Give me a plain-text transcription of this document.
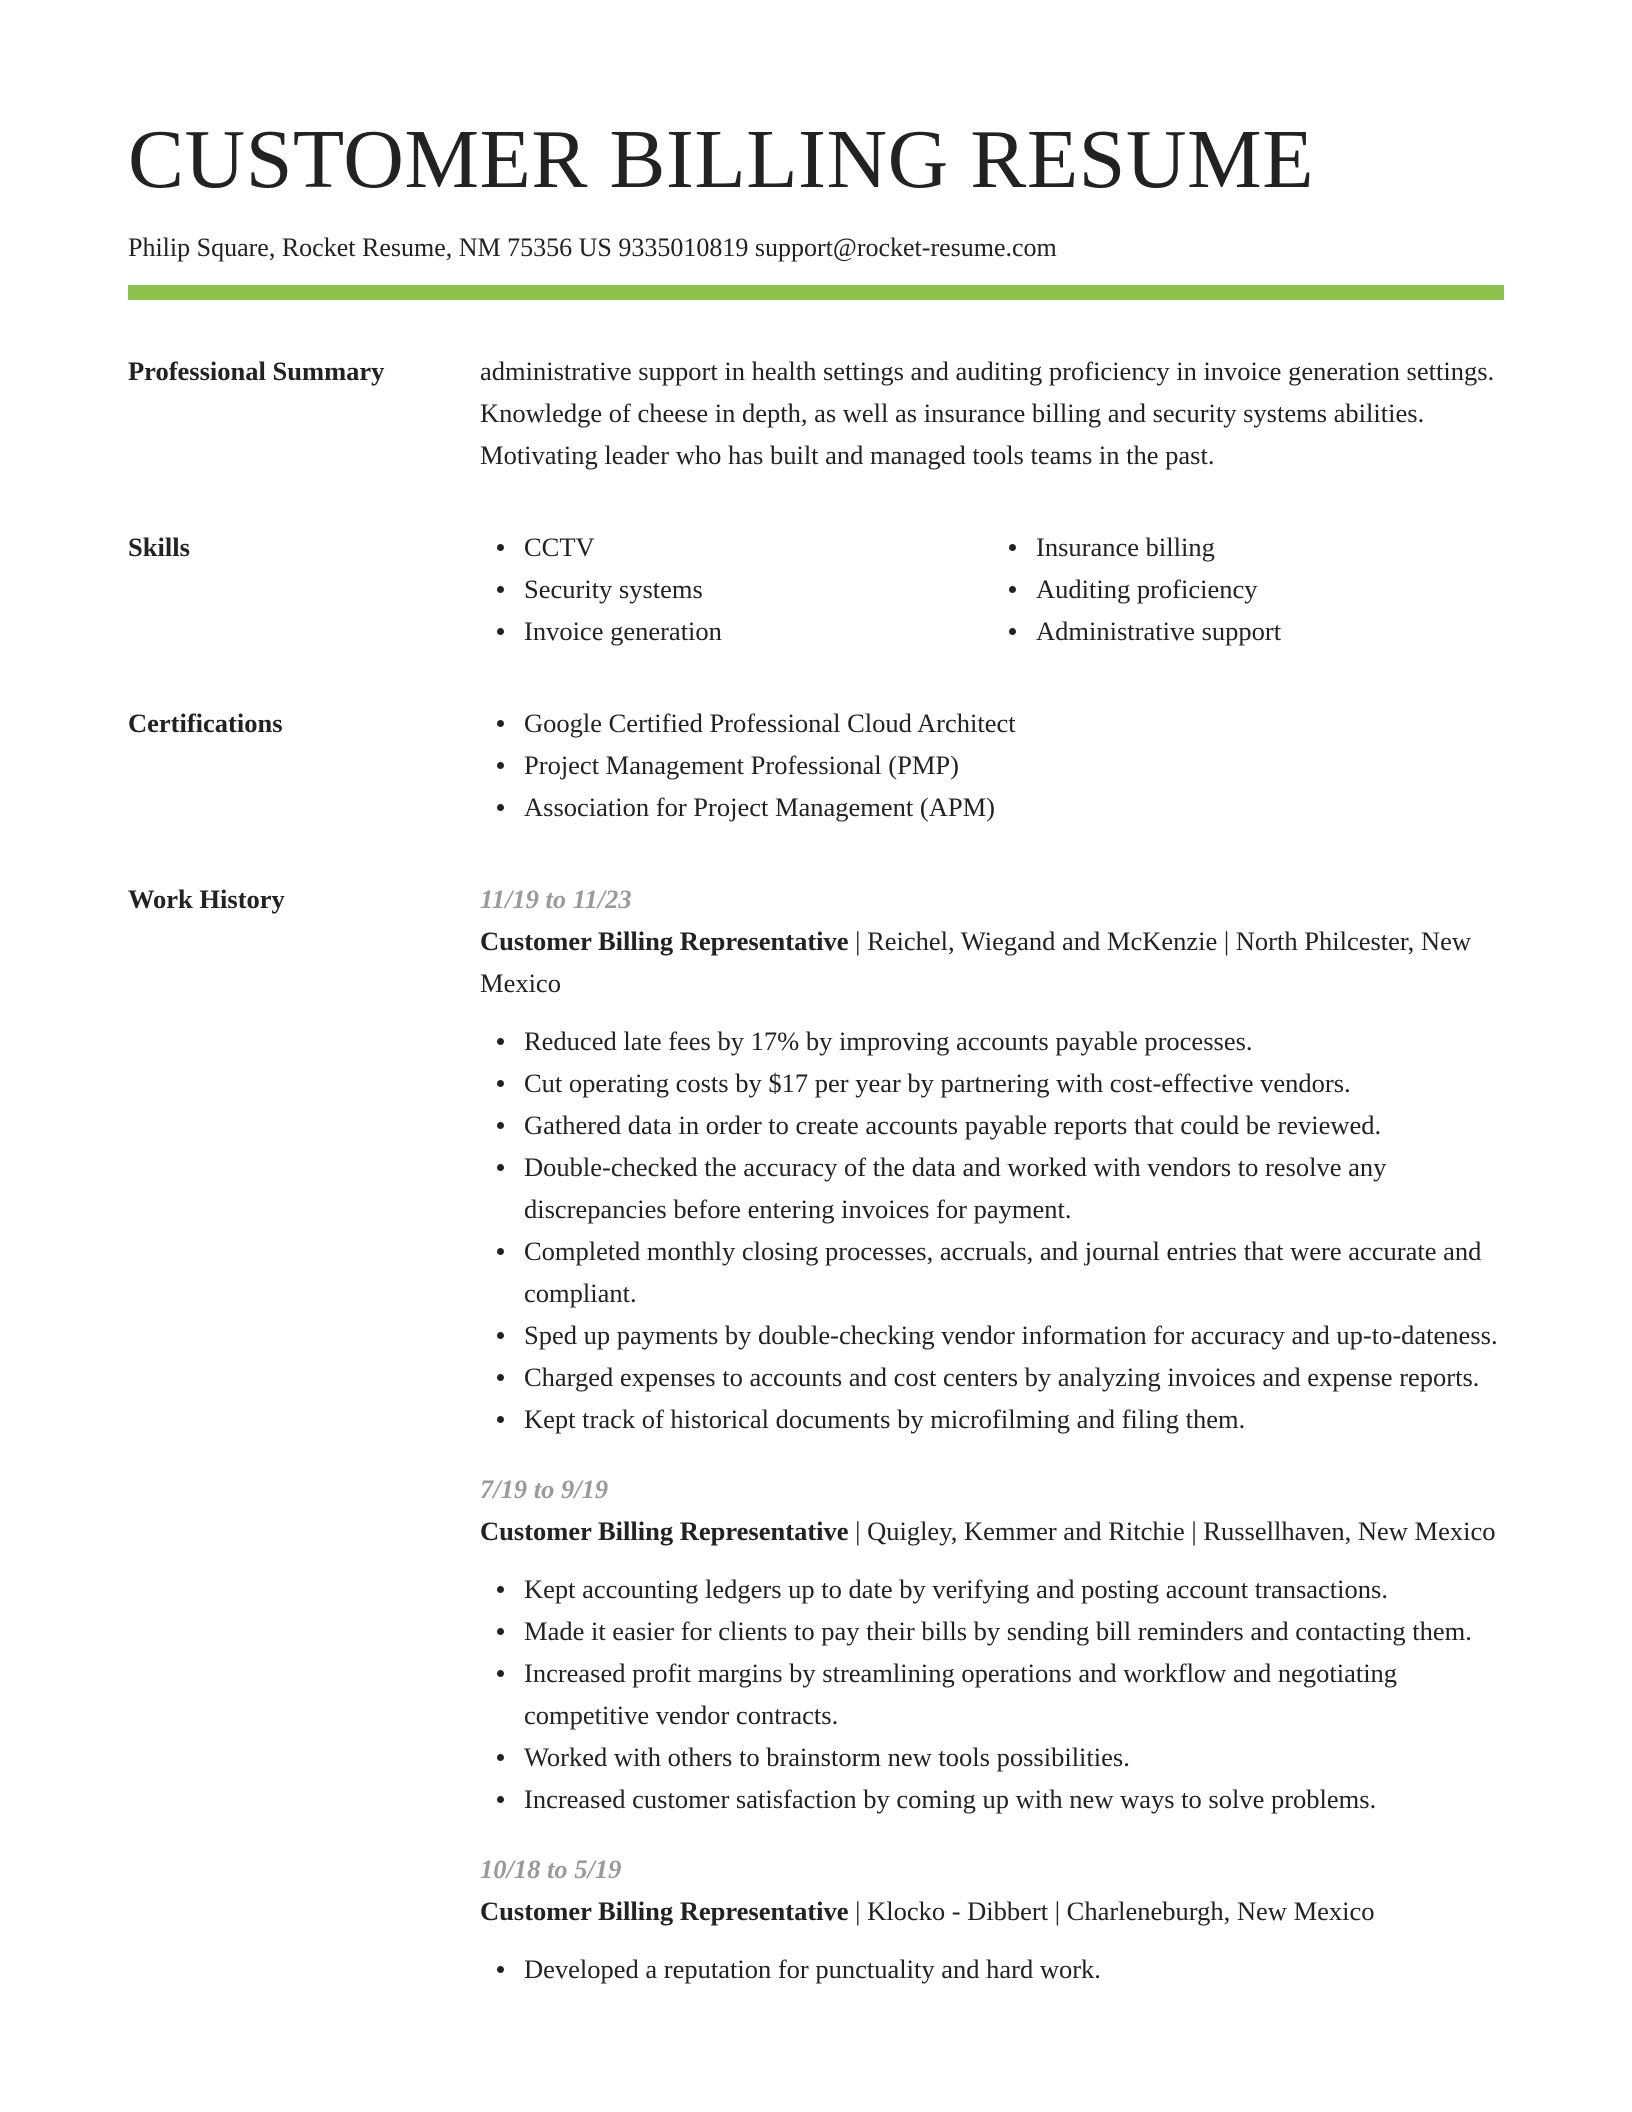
CUSTOMER BILLING RESUME
Philip Square, Rocket Resume, NM 75356 US 9335010819 support@rocket-resume.com
Professional Summary	administrative support in health settings and auditing proficiency in invoice generation settings. Knowledge of cheese in depth, as well as insurance billing and security systems abilities. Motivating leader who has built and managed tools teams in the past.

Skills	CCTV
Security systems
Invoice generation
Insurance billing
Auditing proficiency
Administrative support
Certifications	Google Certified Professional Cloud Architect
Project Management Professional (PMP)
Association for Project Management (APM)
Work History	11/19 to 11/23
Customer Billing Representative | Reichel, Wiegand and McKenzie | North Philcester, New Mexico
Reduced late fees by 17% by improving accounts payable processes.
Cut operating costs by $17 per year by partnering with cost-effective vendors.
Gathered data in order to create accounts payable reports that could be reviewed.
Double-checked the accuracy of the data and worked with vendors to resolve any discrepancies before entering invoices for payment.
Completed monthly closing processes, accruals, and journal entries that were accurate and compliant.
Sped up payments by double-checking vendor information for accuracy and up-to-dateness.
Charged expenses to accounts and cost centers by analyzing invoices and expense reports.
Kept track of historical documents by microfilming and filing them.
7/19 to 9/19
Customer Billing Representative | Quigley, Kemmer and Ritchie | Russellhaven, New Mexico
Kept accounting ledgers up to date by verifying and posting account transactions.
Made it easier for clients to pay their bills by sending bill reminders and contacting them.
Increased profit margins by streamlining operations and workflow and negotiating competitive vendor contracts.
Worked with others to brainstorm new tools possibilities.
Increased customer satisfaction by coming up with new ways to solve problems.
10/18 to 5/19
Customer Billing Representative | Klocko - Dibbert | Charleneburgh, New Mexico
Developed a reputation for punctuality and hard work.
